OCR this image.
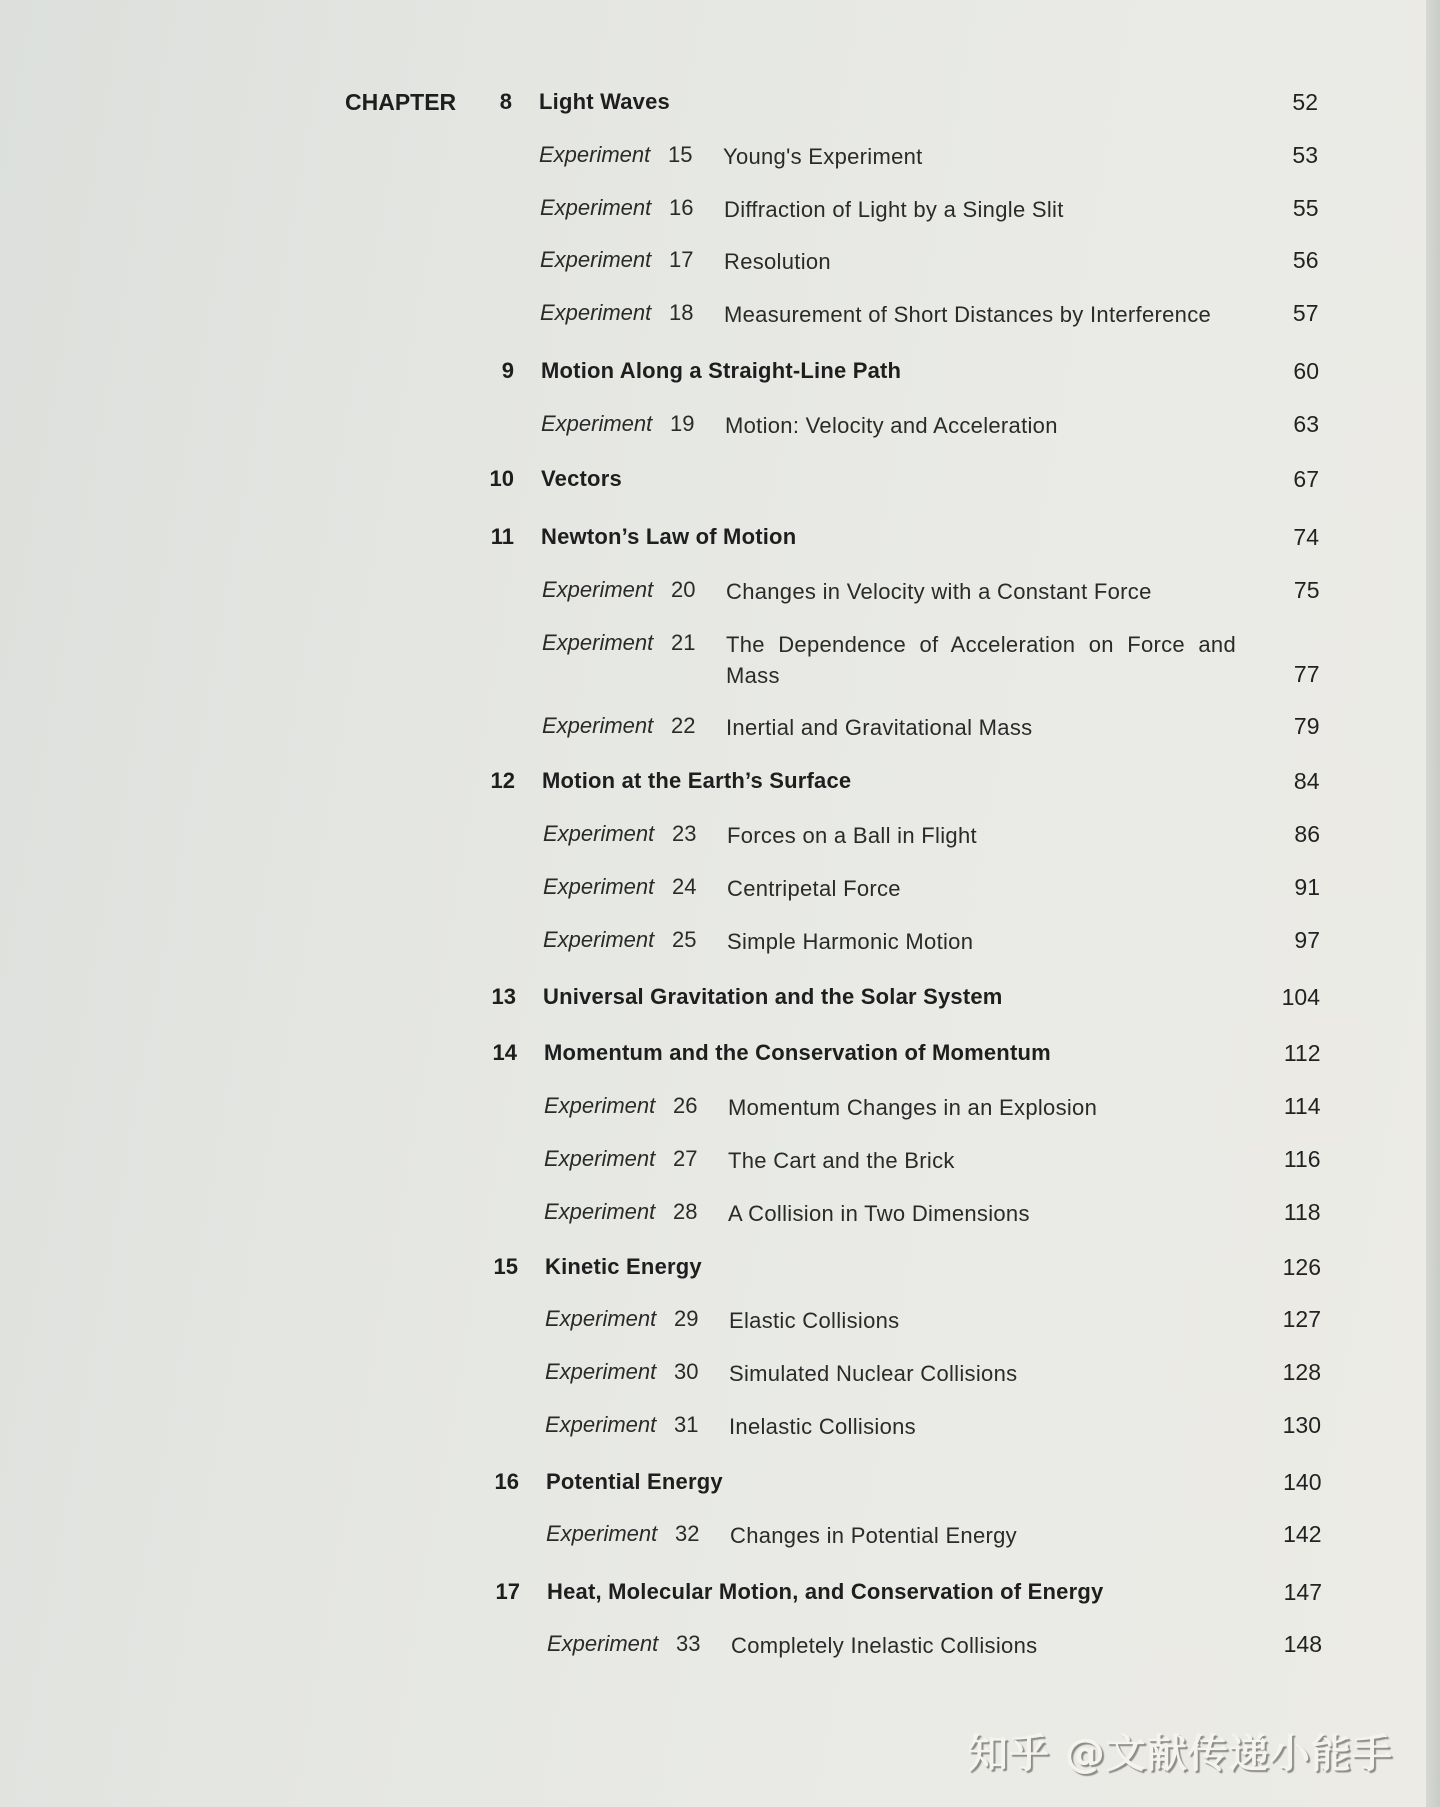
CHAPTER	8 Light Waves	52
Experiment 15 Young's Experiment	53
Experiment 16 Diffraction of Light by a Single Slit	55
Experiment 17 Resolution	56
Experiment 18 Measurement of Short Distances by Interference	57
9 Motion Along a Straight-Line Path	60
Experiment 19 Motion: Velocity and Acceleration	63
10 Vectors	67
11 Newton’s Law of Motion	74
Experiment 20 Changes in Velocity with a Constant Force	75
Experiment 21 The Dependence of Acceleration on Force and Mass	77
Experiment 22 Inertial and Gravitational Mass	79
12 Motion at the Earth’s Surface	84
Experiment 23 Forces on a Ball in Flight	86
Experiment 24 Centripetal Force	91
Experiment 25 Simple Harmonic Motion	97
13 Universal Gravitation and the Solar System	104
14 Momentum and the Conservation of Momentum	112
Experiment 26 Momentum Changes in an Explosion	114
Experiment 27 The Cart and the Brick	116
Experiment 28 A Collision in Two Dimensions	118
15 Kinetic Energy	126
Experiment 29 Elastic Collisions	127
Experiment 30 Simulated Nuclear Collisions	128
Experiment 31 Inelastic Collisions	130
16 Potential Energy	140
Experiment 32 Changes in Potential Energy	142
17 Heat, Molecular Motion, and Conservation of Energy	147
Experiment 33 Completely Inelastic Collisions	148
知乎 @文献传递小能手
